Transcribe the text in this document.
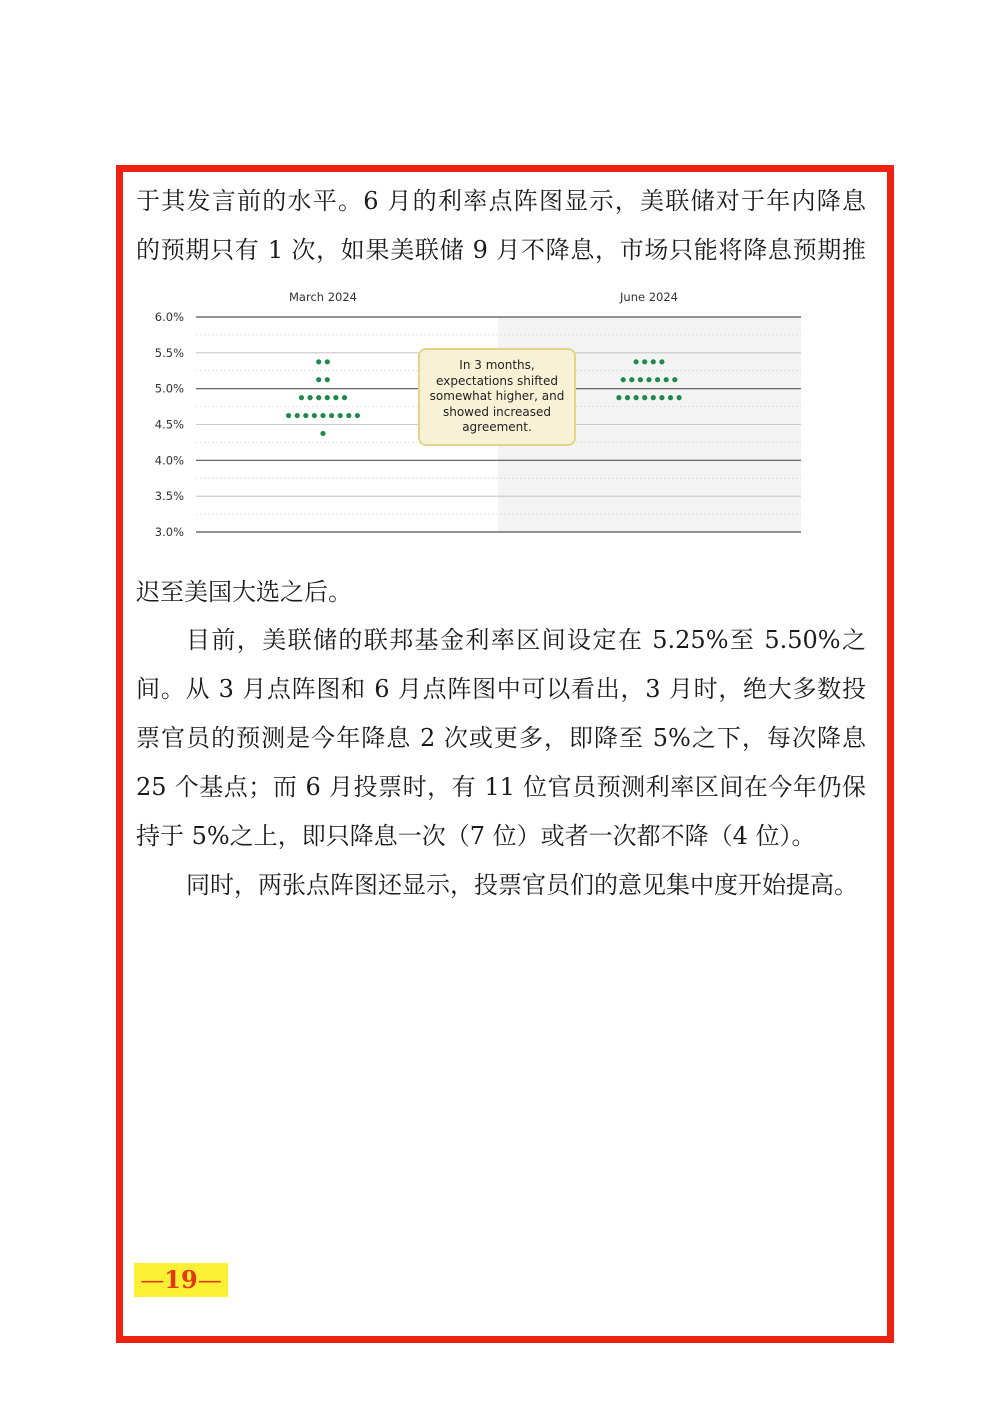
于其发言前的水平。6 月的利率点阵图显示，美联储对于年内降息

的预期只有 1 次，如果美联储 9 月不降息，市场只能将降息预期推

6.0%
5.5%
5.0%
4.5%
4.0%
3.5%
3.0%
March 2024	June 2024
In 3 months, expectations shifted somewhat higher, and showed increased agreement.

迟至美国大选之后。

目前，美联储的联邦基金利率区间设定在 5.25%至 5.50%之间。从 3 月点阵图和 6 月点阵图中可以看出，3 月时，绝大多数投票官员的预测是今年降息 2 次或更多，即降至 5%之下，每次降息 25 个基点；而 6 月投票时，有 11 位官员预测利率区间在今年仍保持于 5%之上，即只降息一次（7 位）或者一次都不降（4 位）。

同时，两张点阵图还显示，投票官员们的意见集中度开始提高。

—19—
